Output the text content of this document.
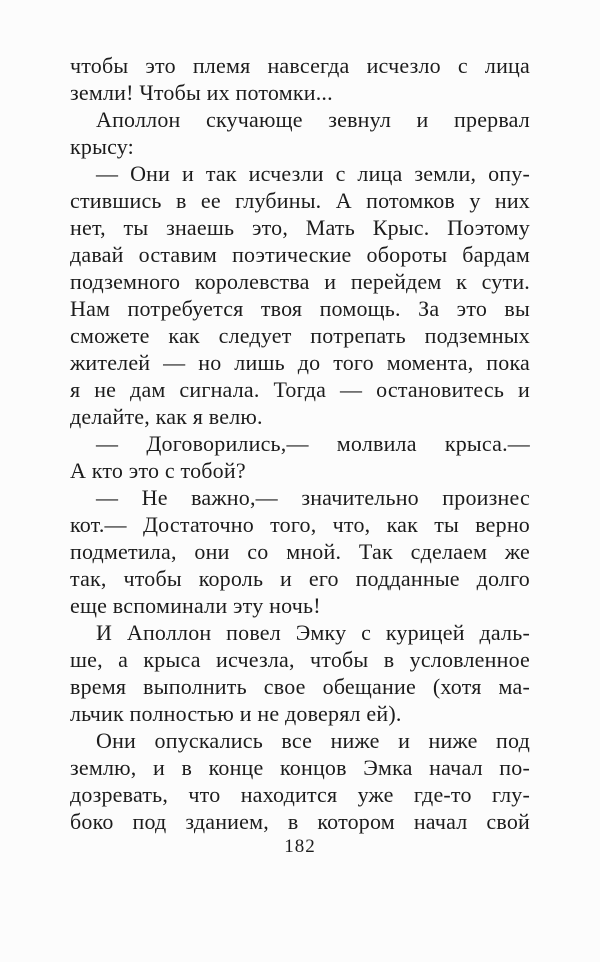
чтобы это племя навсегда исчезло с лица
земли! Чтобы их потомки...
Аполлон скучающе зевнул и прервал
крысу:
— Они и так исчезли с лица земли, опу-
стившись в ее глубины. А потомков у них
нет, ты знаешь это, Мать Крыс. Поэтому
давай оставим поэтические обороты бардам
подземного королевства и перейдем к сути.
Нам потребуется твоя помощь. За это вы
сможете как следует потрепать подземных
жителей — но лишь до того момента, пока
я не дам сигнала. Тогда — остановитесь и
делайте, как я велю.
— Договорились,— молвила крыса.—
А кто это с тобой?
— Не важно,— значительно произнес
кот.— Достаточно того, что, как ты верно
подметила, они со мной. Так сделаем же
так, чтобы король и его подданные долго
еще вспоминали эту ночь!
И Аполлон повел Эмку с курицей даль-
ше, а крыса исчезла, чтобы в условленное
время выполнить свое обещание (хотя ма-
льчик полностью и не доверял ей).
Они опускались все ниже и ниже под
землю, и в конце концов Эмка начал по-
дозревать, что находится уже где-то глу-
боко под зданием, в котором начал свой
182
